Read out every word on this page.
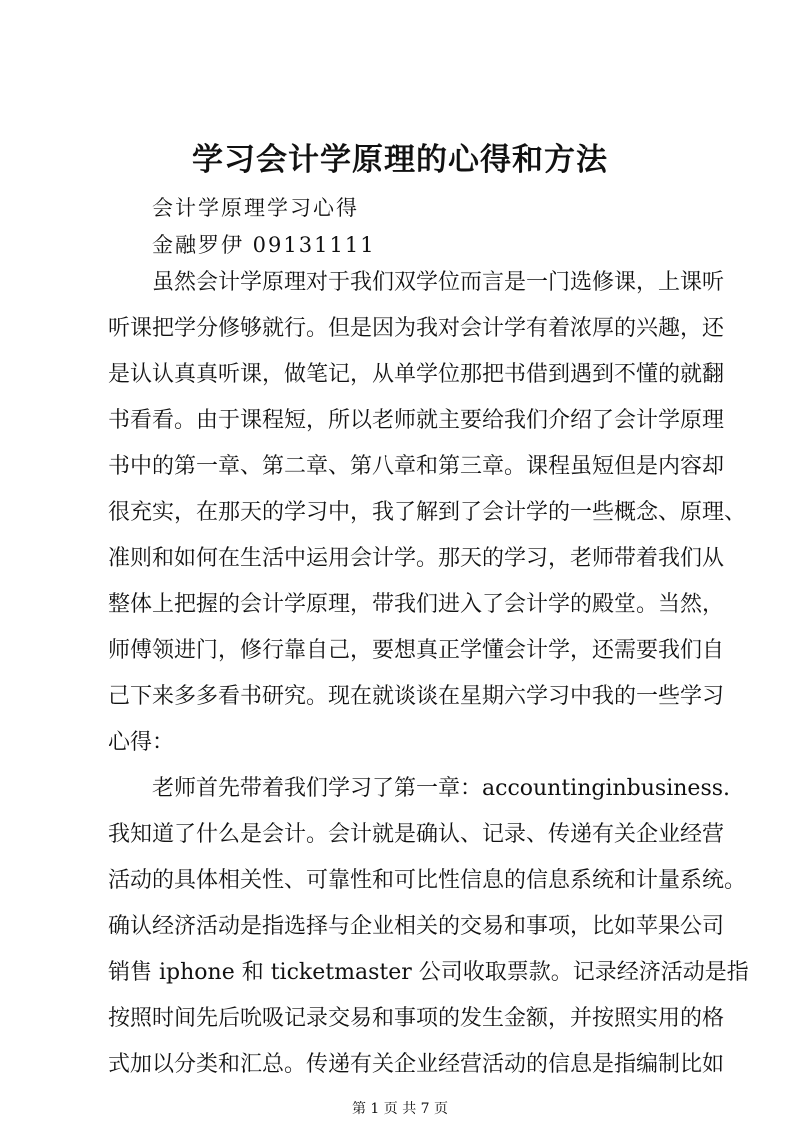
学习会计学原理的心得和方法
会计学原理学习心得
金融罗伊 09131111
虽然会计学原理对于我们双学位而言是一门选修课，上课听
听课把学分修够就行。但是因为我对会计学有着浓厚的兴趣，还
是认认真真听课，做笔记，从单学位那把书借到遇到不懂的就翻
书看看。由于课程短，所以老师就主要给我们介绍了会计学原理
书中的第一章、第二章、第八章和第三章。课程虽短但是内容却
很充实，在那天的学习中，我了解到了会计学的一些概念、原理、
准则和如何在生活中运用会计学。那天的学习，老师带着我们从
整体上把握的会计学原理，带我们进入了会计学的殿堂。当然，
师傅领进门，修行靠自己，要想真正学懂会计学，还需要我们自
己下来多多看书研究。现在就谈谈在星期六学习中我的一些学习
心得：
老师首先带着我们学习了第一章：accountinginbusiness.
我知道了什么是会计。会计就是确认、记录、传递有关企业经营
活动的具体相关性、可靠性和可比性信息的信息系统和计量系统。
确认经济活动是指选择与企业相关的交易和事项，比如苹果公司
销售 iphone 和 ticketmaster 公司收取票款。记录经济活动是指
按照时间先后吮吸记录交易和事项的发生金额，并按照实用的格
式加以分类和汇总。传递有关企业经营活动的信息是指编制比如
第 1 页 共 7 页
